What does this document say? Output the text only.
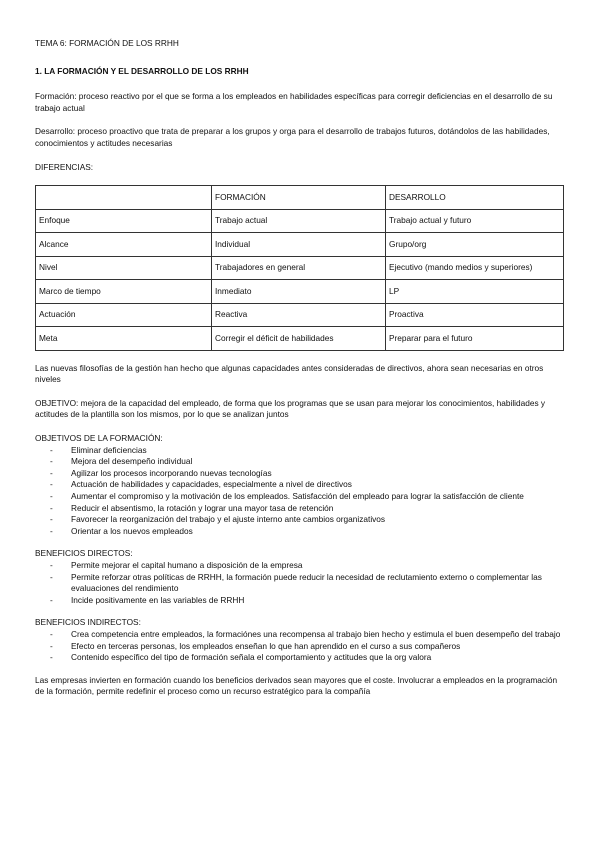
TEMA 6: FORMACIÓN DE LOS RRHH

1. LA FORMACIÓN Y EL DESARROLLO DE LOS RRHH

Formación: proceso reactivo por el que se forma a los empleados en habilidades específicas para corregir deficiencias en el desarrollo de su trabajo actual

Desarrollo: proceso proactivo que trata de preparar a los grupos y orga para el desarrollo de trabajos futuros, dotándolos de las habilidades, conocimientos y actitudes necesarias

DIFERENCIAS:

	FORMACIÓN	DESARROLLO
Enfoque	Trabajo actual	Trabajo actual y futuro
Alcance	Individual	Grupo/org
Nivel	Trabajadores en general	Ejecutivo (mando medios y superiores)
Marco de tiempo	Inmediato	LP
Actuación	Reactiva	Proactiva
Meta	Corregir el déficit de habilidades	Preparar para el futuro

Las nuevas filosofías de la gestión han hecho que algunas capacidades antes consideradas de directivos, ahora sean necesarias en otros niveles

OBJETIVO: mejora de la capacidad del empleado, de forma que los programas que se usan para mejorar los conocimientos, habilidades y actitudes de la plantilla son los mismos, por lo que se analizan juntos

OBJETIVOS DE LA FORMACIÓN:

- Eliminar deficiencias
- Mejora del desempeño individual
- Agilizar los procesos incorporando nuevas tecnologías
- Actuación de habilidades y capacidades, especialmente a nivel de directivos
- Aumentar el compromiso y la motivación de los empleados. Satisfacción del empleado para lograr la satisfacción de cliente
- Reducir el absentismo, la rotación y lograr una mayor tasa de retención
- Favorecer la reorganización del trabajo y el ajuste interno ante cambios organizativos
- Orientar a los nuevos empleados

BENEFICIOS DIRECTOS:

- Permite mejorar el capital humano a disposición de la empresa
- Permite reforzar otras políticas de RRHH, la formación puede reducir la necesidad de reclutamiento externo o complementar las evaluaciones del rendimiento
- Incide positivamente en las variables de RRHH

BENEFICIOS INDIRECTOS:

- Crea competencia entre empleados, la formaciónes una recompensa al trabajo bien hecho y estimula el buen desempeño del trabajo
- Efecto en terceras personas, los empleados enseñan lo que han aprendido en el curso a sus compañeros
- Contenido específico del tipo de formación señala el comportamiento y actitudes que la org valora

Las empresas invierten en formación cuando los beneficios derivados sean mayores que el coste. Involucrar a empleados en la programación de la formación, permite redefinir el proceso como un recurso estratégico para la compañía
